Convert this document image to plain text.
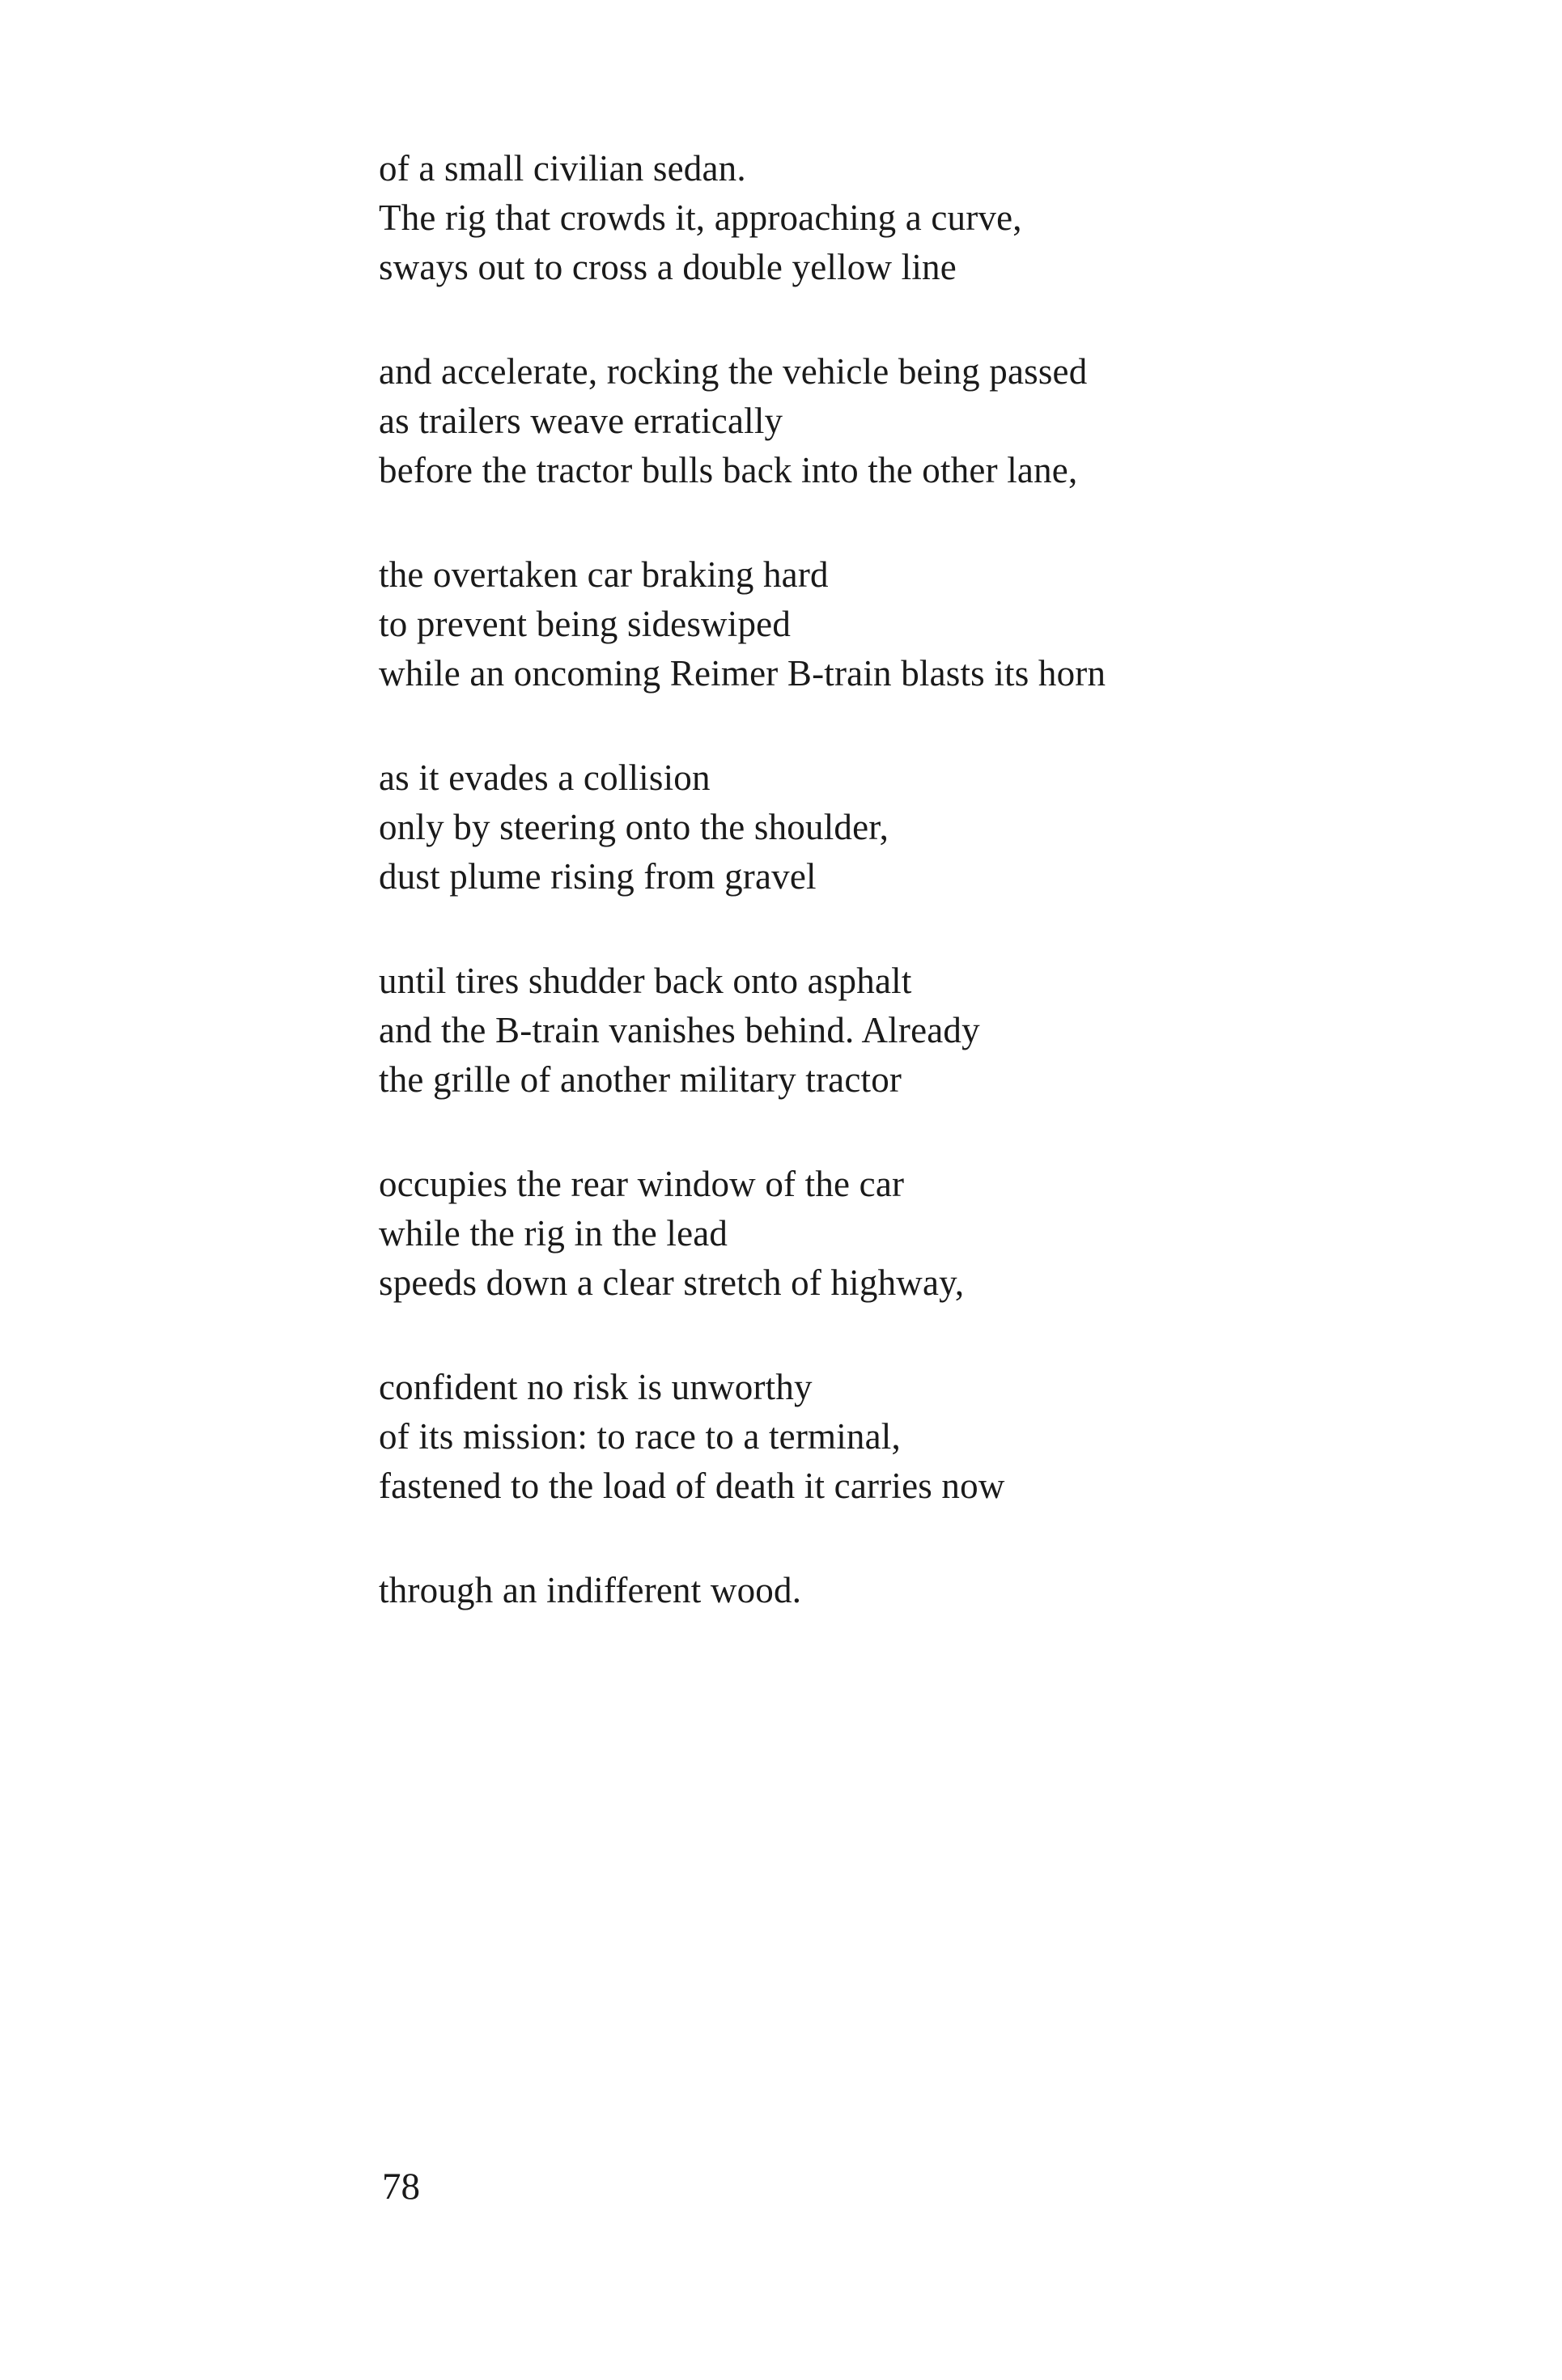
of a small civilian sedan.
The rig that crowds it, approaching a curve,
sways out to cross a double yellow line
and accelerate, rocking the vehicle being passed
as trailers weave erratically
before the tractor bulls back into the other lane,
the overtaken car braking hard
to prevent being sideswiped
while an oncoming Reimer B-train blasts its horn
as it evades a collision
only by steering onto the shoulder,
dust plume rising from gravel
until tires shudder back onto asphalt
and the B-train vanishes behind. Already
the grille of another military tractor
occupies the rear window of the car
while the rig in the lead
speeds down a clear stretch of highway,
confident no risk is unworthy
of its mission: to race to a terminal,
fastened to the load of death it carries now
through an indifferent wood.
78
